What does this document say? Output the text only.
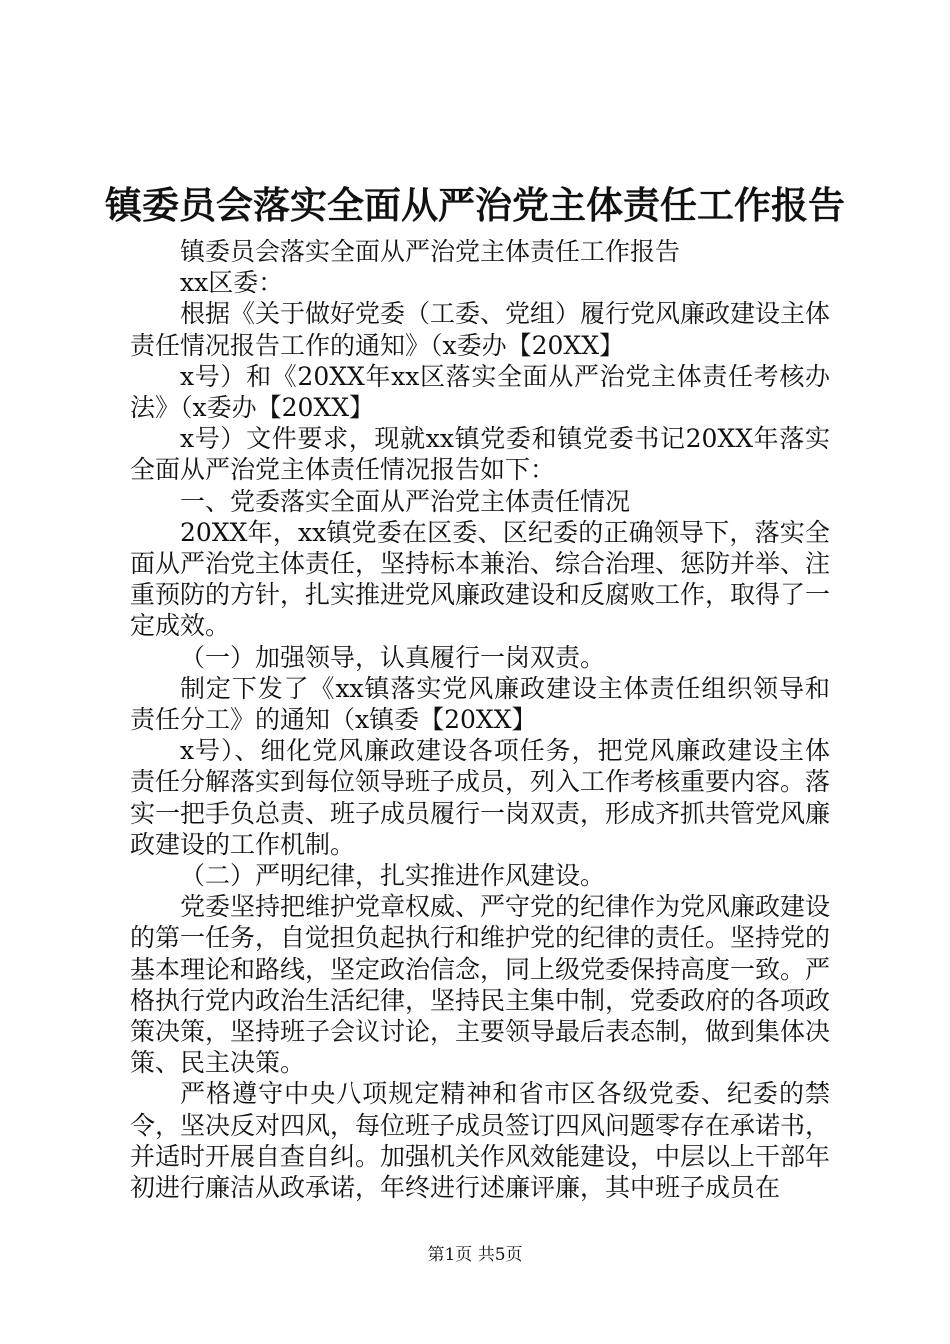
镇委员会落实全面从严治党主体责任工作报告

镇委员会落实全面从严治党主体责任工作报告

xx区委：

根据《关于做好党委（工委、党组）履行党风廉政建设主体责任情况报告工作的通知》（x委办【20XX】

x号）和《20XX年xx区落实全面从严治党主体责任考核办法》（x委办【20XX】

x号）文件要求，现就xx镇党委和镇党委书记20XX年落实全面从严治党主体责任情况报告如下：

一、党委落实全面从严治党主体责任情况

20XX年，xx镇党委在区委、区纪委的正确领导下，落实全面从严治党主体责任，坚持标本兼治、综合治理、惩防并举、注重预防的方针，扎实推进党风廉政建设和反腐败工作，取得了一定成效。

（一）加强领导，认真履行一岗双责。

制定下发了《xx镇落实党风廉政建设主体责任组织领导和责任分工》的通知（x镇委【20XX】

x号）、细化党风廉政建设各项任务，把党风廉政建设主体责任分解落实到每位领导班子成员，列入工作考核重要内容。落实一把手负总责、班子成员履行一岗双责，形成齐抓共管党风廉政建设的工作机制。

（二）严明纪律，扎实推进作风建设。

党委坚持把维护党章权威、严守党的纪律作为党风廉政建设的第一任务，自觉担负起执行和维护党的纪律的责任。坚持党的基本理论和路线，坚定政治信念，同上级党委保持高度一致。严格执行党内政治生活纪律，坚持民主集中制，党委政府的各项政策决策，坚持班子会议讨论，主要领导最后表态制，做到集体决策、民主决策。

严格遵守中央八项规定精神和省市区各级党委、纪委的禁令，坚决反对四风，每位班子成员签订四风问题零存在承诺书，并适时开展自查自纠。加强机关作风效能建设，中层以上干部年初进行廉洁从政承诺，年终进行述廉评廉，其中班子成员在

第1页 共5页
